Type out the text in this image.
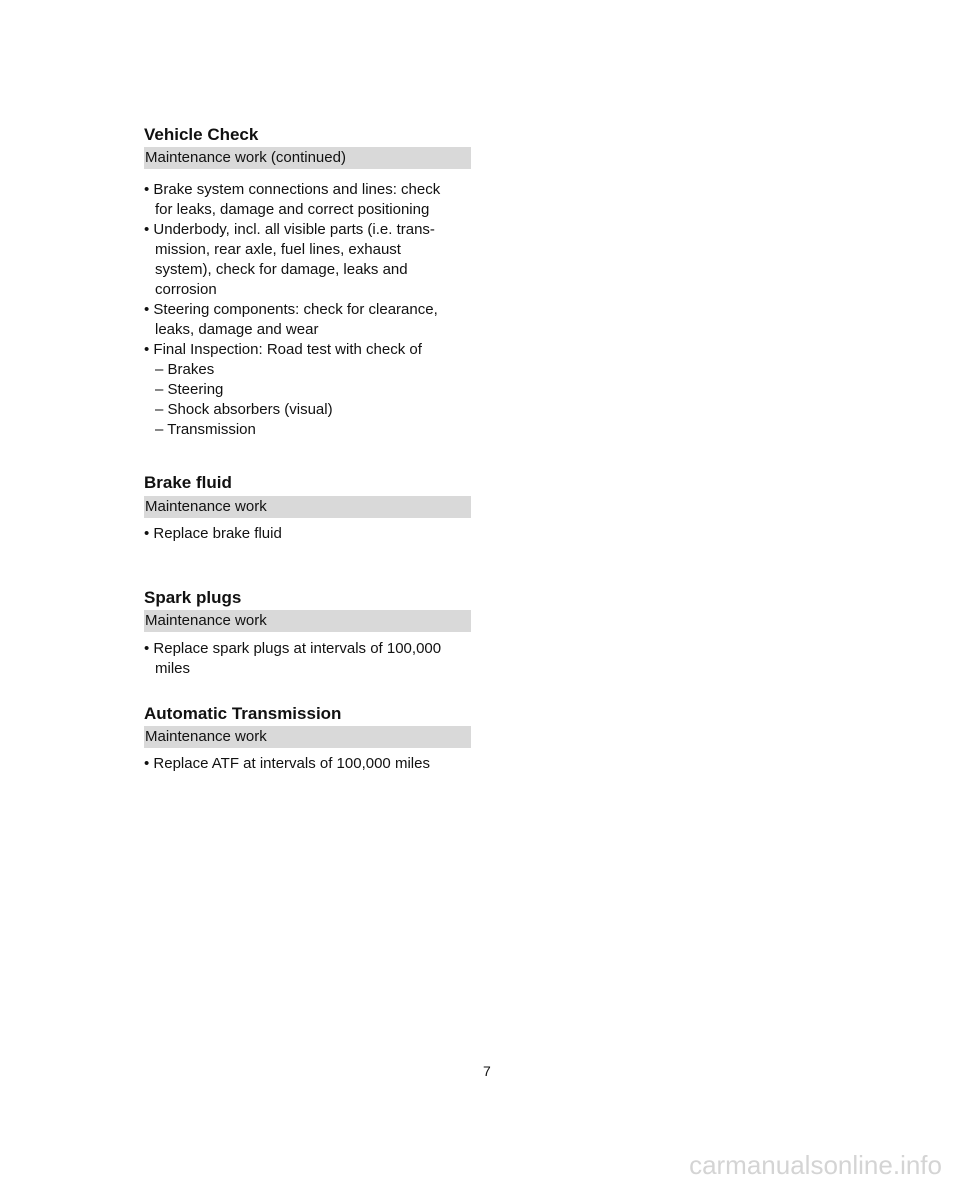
Vehicle Check
Maintenance work (continued)
• Brake system connections and lines: check
for leaks, damage and correct positioning
• Underbody, incl. all visible parts (i.e. trans-
mission, rear axle, fuel lines, exhaust
system), check for damage, leaks and
corrosion
• Steering components: check for clearance,
leaks, damage and wear
• Final Inspection: Road test with check of
– Brakes
– Steering
– Shock absorbers (visual)
– Transmission
Brake fluid
Maintenance work
• Replace brake fluid
Spark plugs
Maintenance work
• Replace spark plugs at intervals of 100,000
miles
Automatic Transmission
Maintenance work
• Replace ATF at intervals of 100,000 miles
7
carmanualsonline.info
